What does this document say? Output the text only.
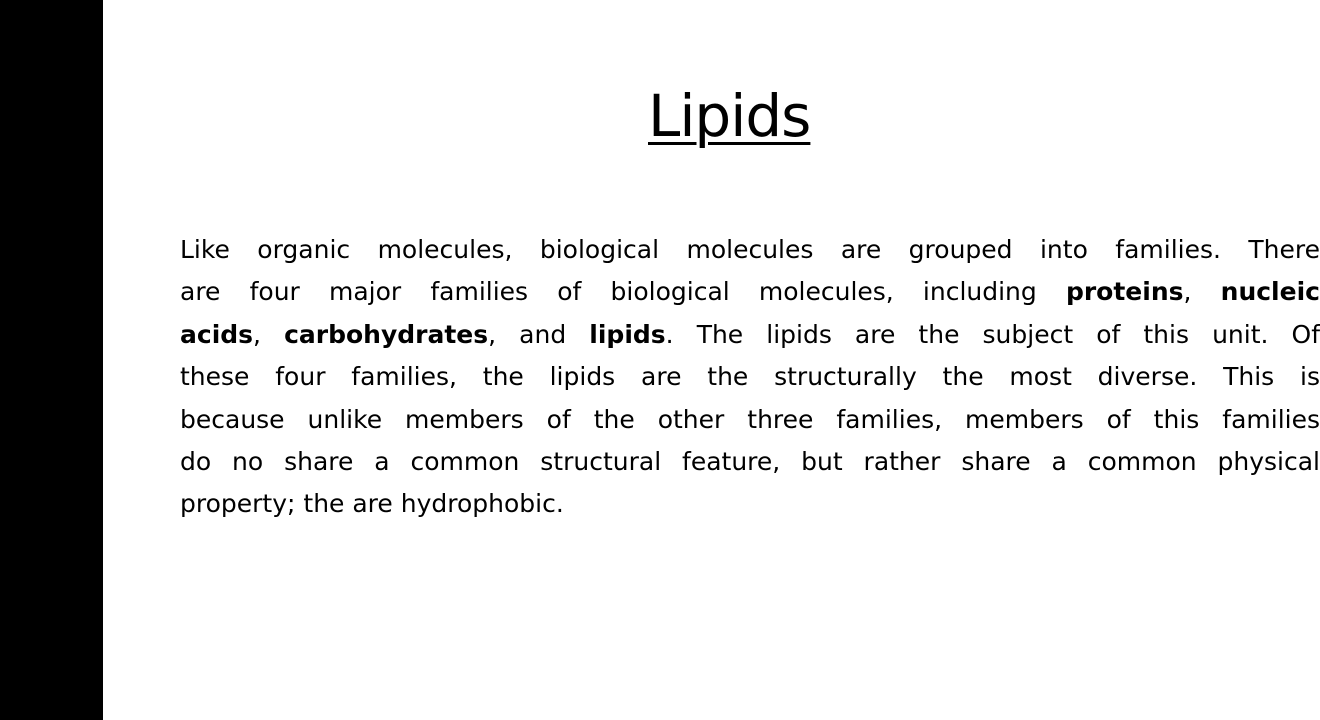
Lipids
Like organic molecules, biological molecules are grouped into families. There
are four major families of biological molecules, including proteins, nucleic
acids, carbohydrates, and lipids. The lipids are the subject of this unit. Of
these four families, the lipids are the structurally the most diverse. This is
because unlike members of the other three families, members of this families
do no share a common structural feature, but rather share a common physical
property; the are hydrophobic.
